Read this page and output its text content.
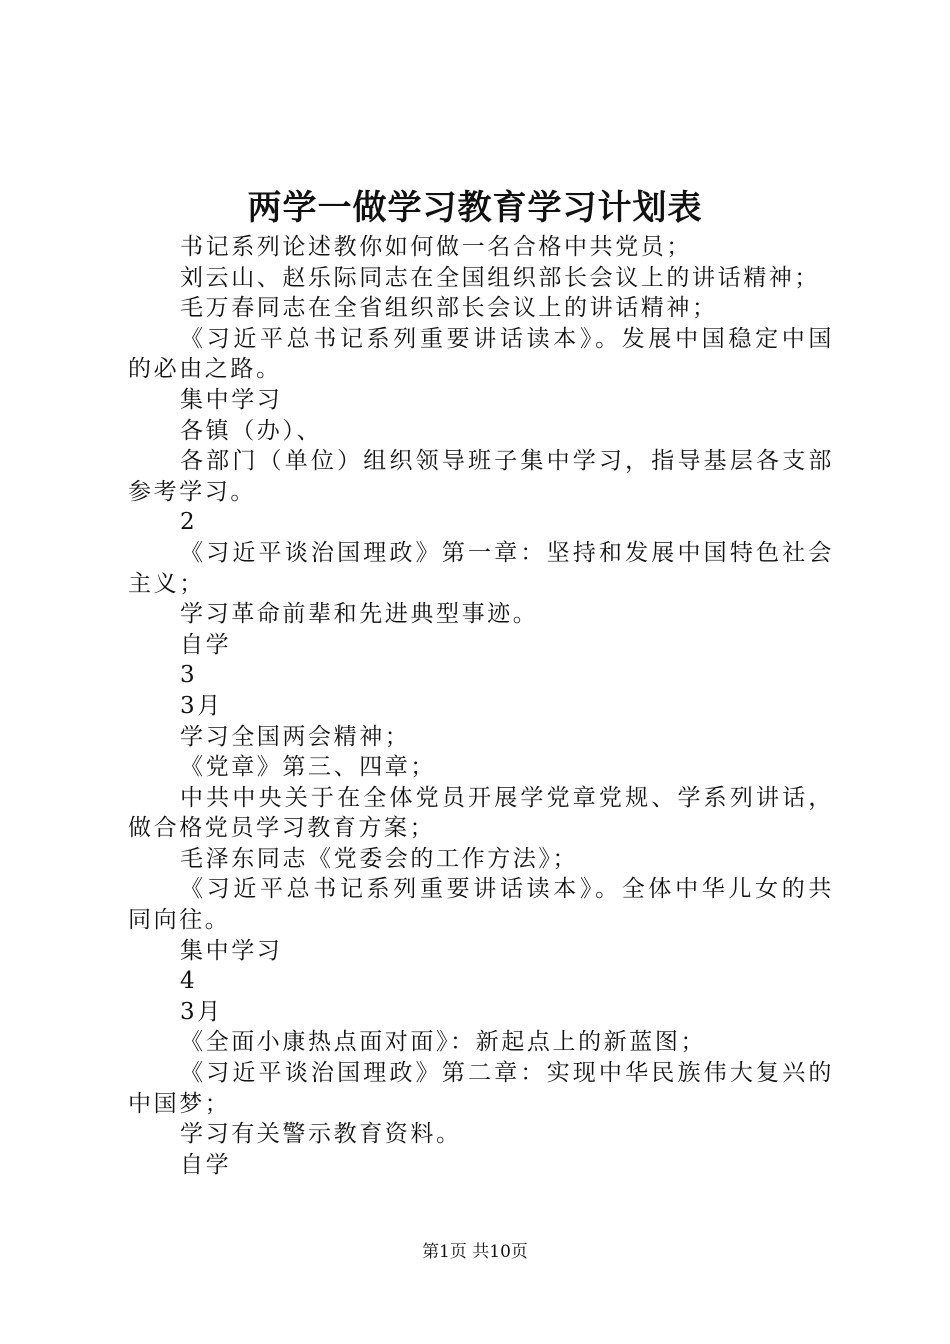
两学一做学习教育学习计划表

书记系列论述教你如何做一名合格中共党员；

刘云山、赵乐际同志在全国组织部长会议上的讲话精神；

毛万春同志在全省组织部长会议上的讲话精神；

《习近平总书记系列重要讲话读本》。发展中国稳定中国的必由之路。

集中学习

各镇（办）、

各部门（单位）组织领导班子集中学习，指导基层各支部参考学习。

2

《习近平谈治国理政》第一章：坚持和发展中国特色社会主义；

学习革命前辈和先进典型事迹。

自学

3

3月

学习全国两会精神；

《党章》第三、四章；

中共中央关于在全体党员开展学党章党规、学系列讲话，做合格党员学习教育方案；

毛泽东同志《党委会的工作方法》；

《习近平总书记系列重要讲话读本》。全体中华儿女的共同向往。

集中学习

4

3月

《全面小康热点面对面》：新起点上的新蓝图；

《习近平谈治国理政》第二章：实现中华民族伟大复兴的中国梦；

学习有关警示教育资料。

自学

第1页 共10页
